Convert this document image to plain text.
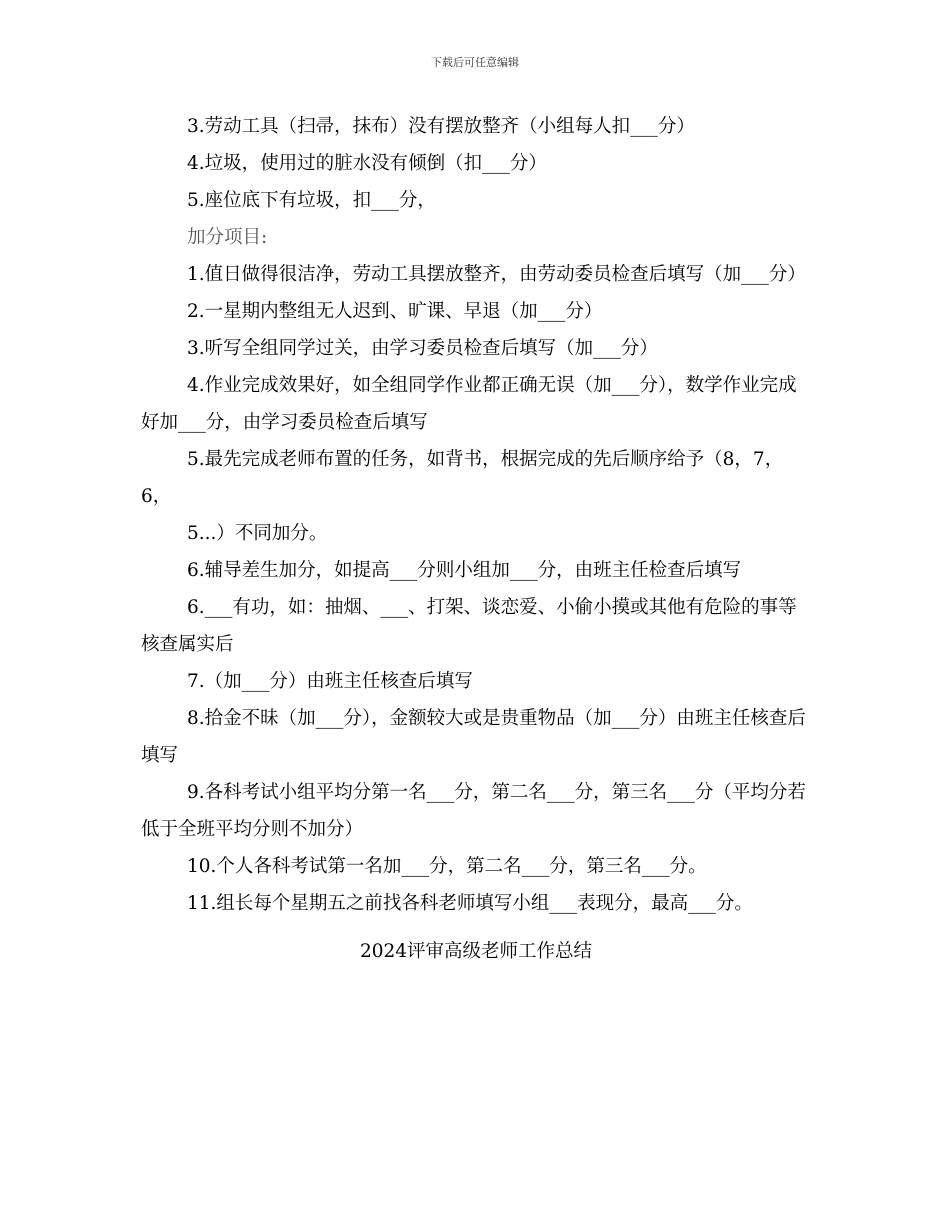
下载后可任意编辑

3.劳动工具（扫帚，抹布）没有摆放整齐（小组每人扣___分）

4.垃圾，使用过的脏水没有倾倒（扣___分）

5.座位底下有垃圾，扣___分，

加分项目:

1.值日做得很洁净，劳动工具摆放整齐，由劳动委员检查后填写（加___分）

2.一星期内整组无人迟到、旷课、早退（加___分）

3.听写全组同学过关，由学习委员检查后填写（加___分）

4.作业完成效果好，如全组同学作业都正确无误（加___分），数学作业完成好加___分，由学习委员检查后填写

5.最先完成老师布置的任务，如背书，根据完成的先后顺序给予（8，7，6，

5...）不同加分。

6.辅导差生加分，如提高___分则小组加___分，由班主任检查后填写

6.___有功，如：抽烟、___、打架、谈恋爱、小偷小摸或其他有危险的事等核查属实后

7.（加___分）由班主任核查后填写

8.拾金不昧（加___分），金额较大或是贵重物品（加___分）由班主任核查后填写

9.各科考试小组平均分第一名___分，第二名___分，第三名___分（平均分若低于全班平均分则不加分）

10.个人各科考试第一名加___分，第二名___分，第三名___分。

11.组长每个星期五之前找各科老师填写小组___表现分，最高___分。

2024评审高级老师工作总结
